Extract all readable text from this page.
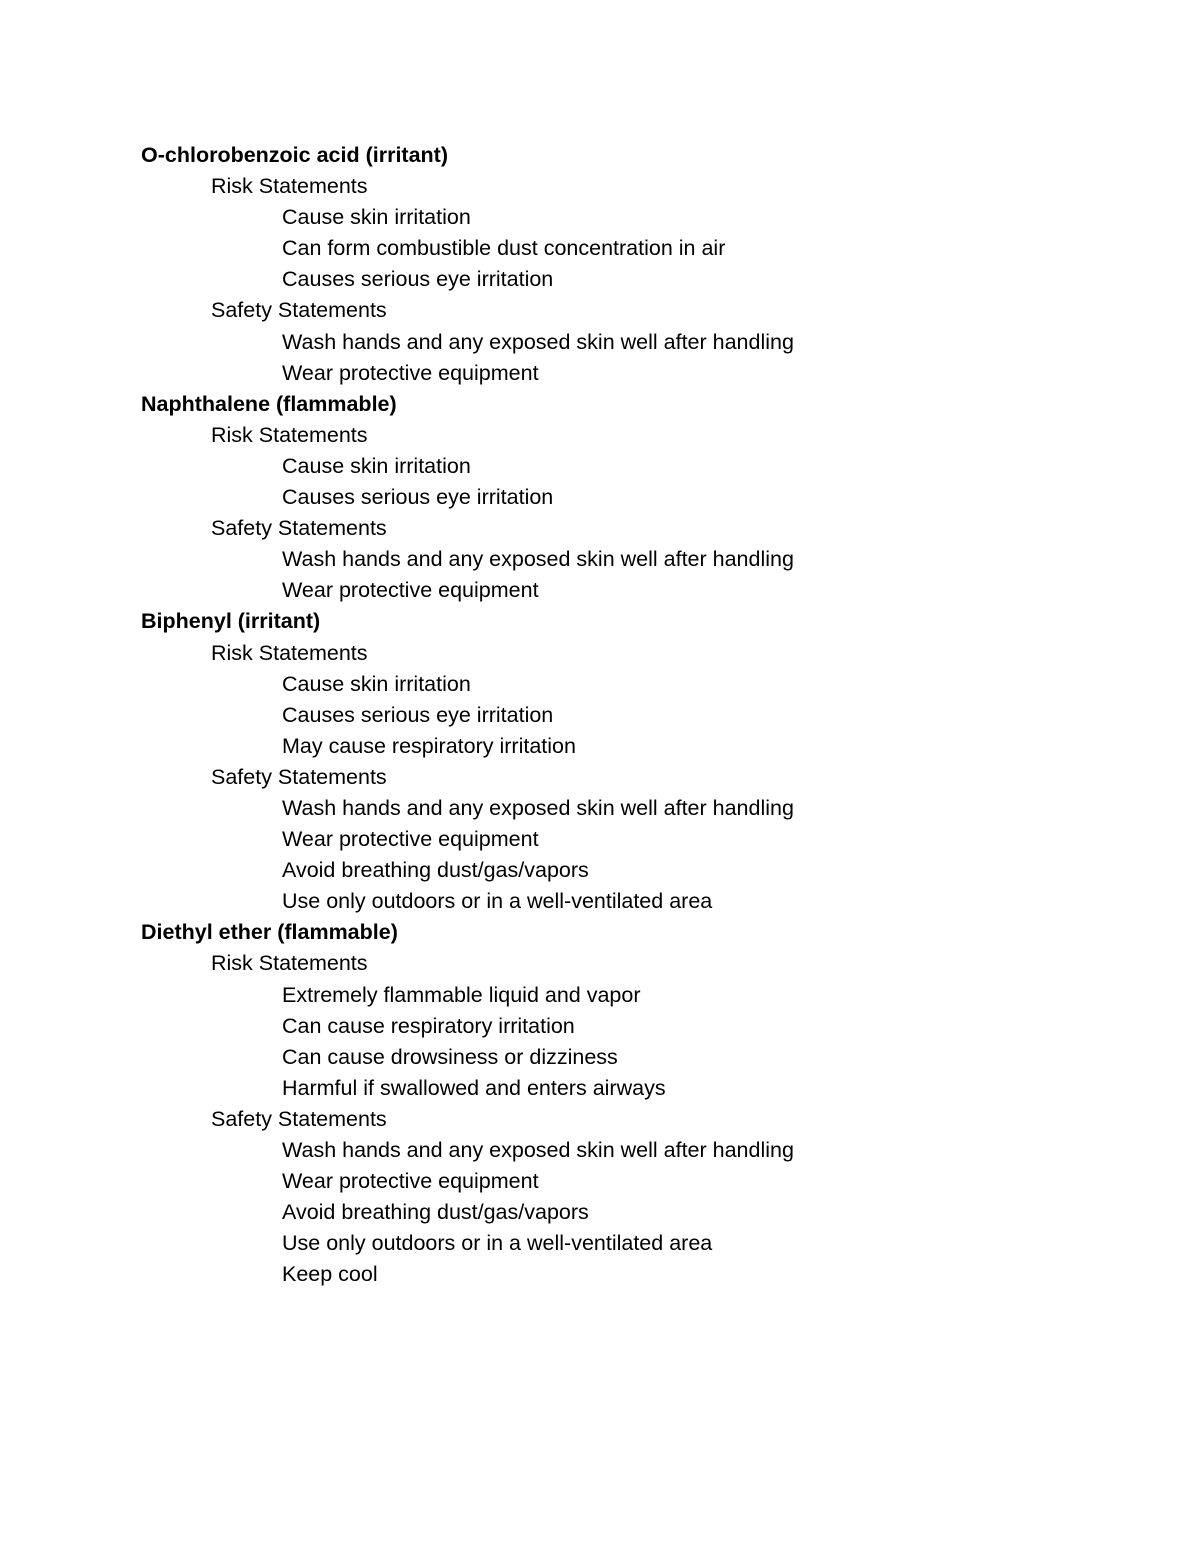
O-chlorobenzoic acid (irritant)
Risk Statements
Cause skin irritation
Can form combustible dust concentration in air
Causes serious eye irritation
Safety Statements
Wash hands and any exposed skin well after handling
Wear protective equipment
Naphthalene (flammable)
Risk Statements
Cause skin irritation
Causes serious eye irritation
Safety Statements
Wash hands and any exposed skin well after handling
Wear protective equipment
Biphenyl (irritant)
Risk Statements
Cause skin irritation
Causes serious eye irritation
May cause respiratory irritation
Safety Statements
Wash hands and any exposed skin well after handling
Wear protective equipment
Avoid breathing dust/gas/vapors
Use only outdoors or in a well-ventilated area
Diethyl ether (flammable)
Risk Statements
Extremely flammable liquid and vapor
Can cause respiratory irritation
Can cause drowsiness or dizziness
Harmful if swallowed and enters airways
Safety Statements
Wash hands and any exposed skin well after handling
Wear protective equipment
Avoid breathing dust/gas/vapors
Use only outdoors or in a well-ventilated area
Keep cool
